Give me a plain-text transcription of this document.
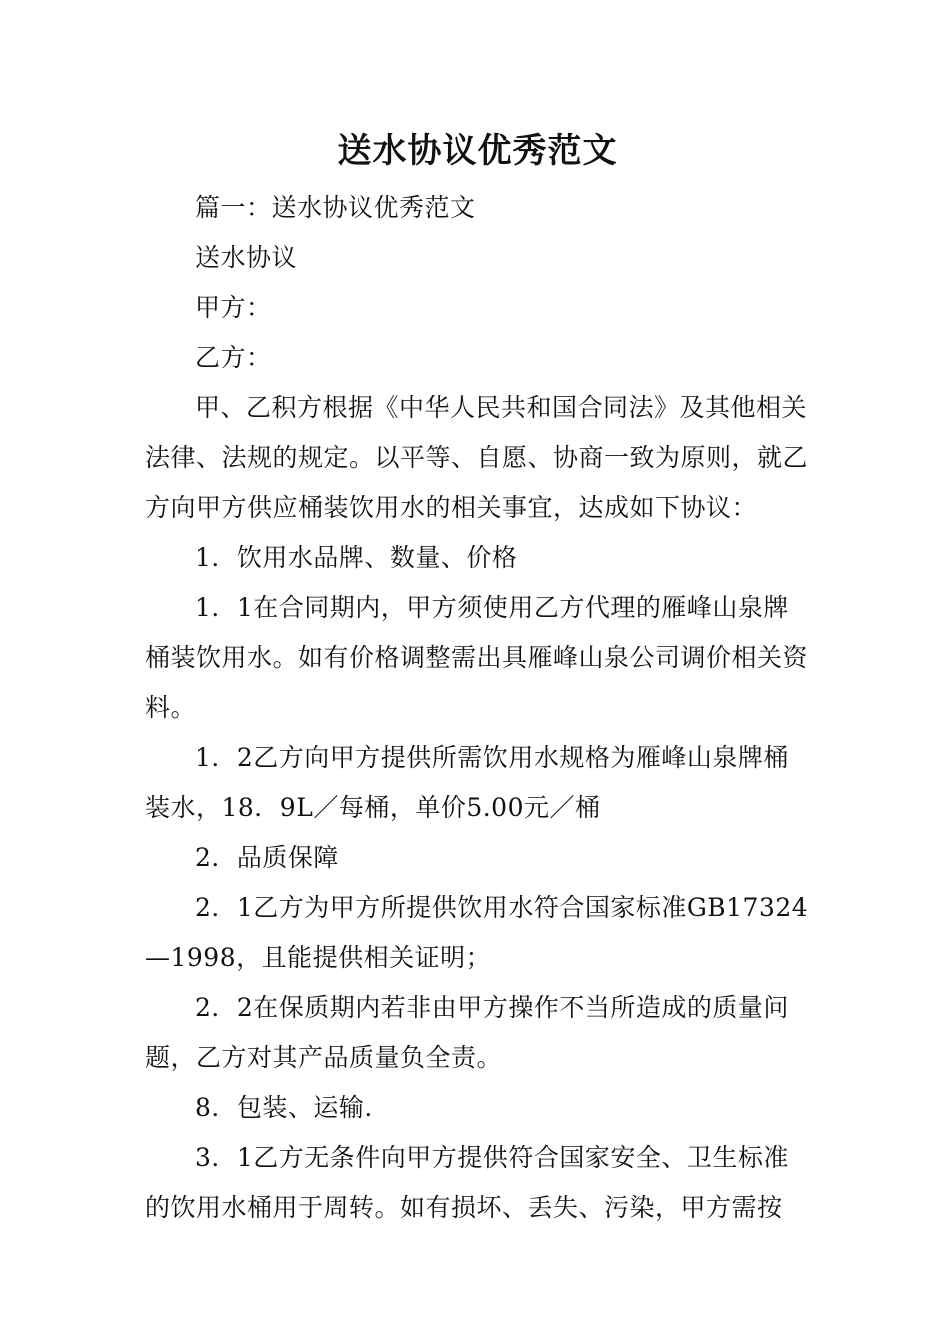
送水协议优秀范文

篇一：送水协议优秀范文

送水协议

甲方：

乙方：

甲、乙积方根据《中华人民共和国合同法》及其他相关法律、法规的规定。以平等、自愿、协商一致为原则，就乙方向甲方供应桶装饮用水的相关事宜，达成如下协议：

1．饮用水品牌、数量、价格

1．1在合同期内，甲方须使用乙方代理的雁峰山泉牌桶装饮用水。如有价格调整需出具雁峰山泉公司调价相关资料。

1．2乙方向甲方提供所需饮用水规格为雁峰山泉牌桶装水，18．9L／每桶，单价5.00元／桶

2．品质保障

2．1乙方为甲方所提供饮用水符合国家标准GB17324—1998，且能提供相关证明；

2．2在保质期内若非由甲方操作不当所造成的质量问题，乙方对其产品质量负全责。

8．包装、运输.

3．1乙方无条件向甲方提供符合国家安全、卫生标准的饮用水桶用于周转。如有损坏、丢失、污染，甲方需按
